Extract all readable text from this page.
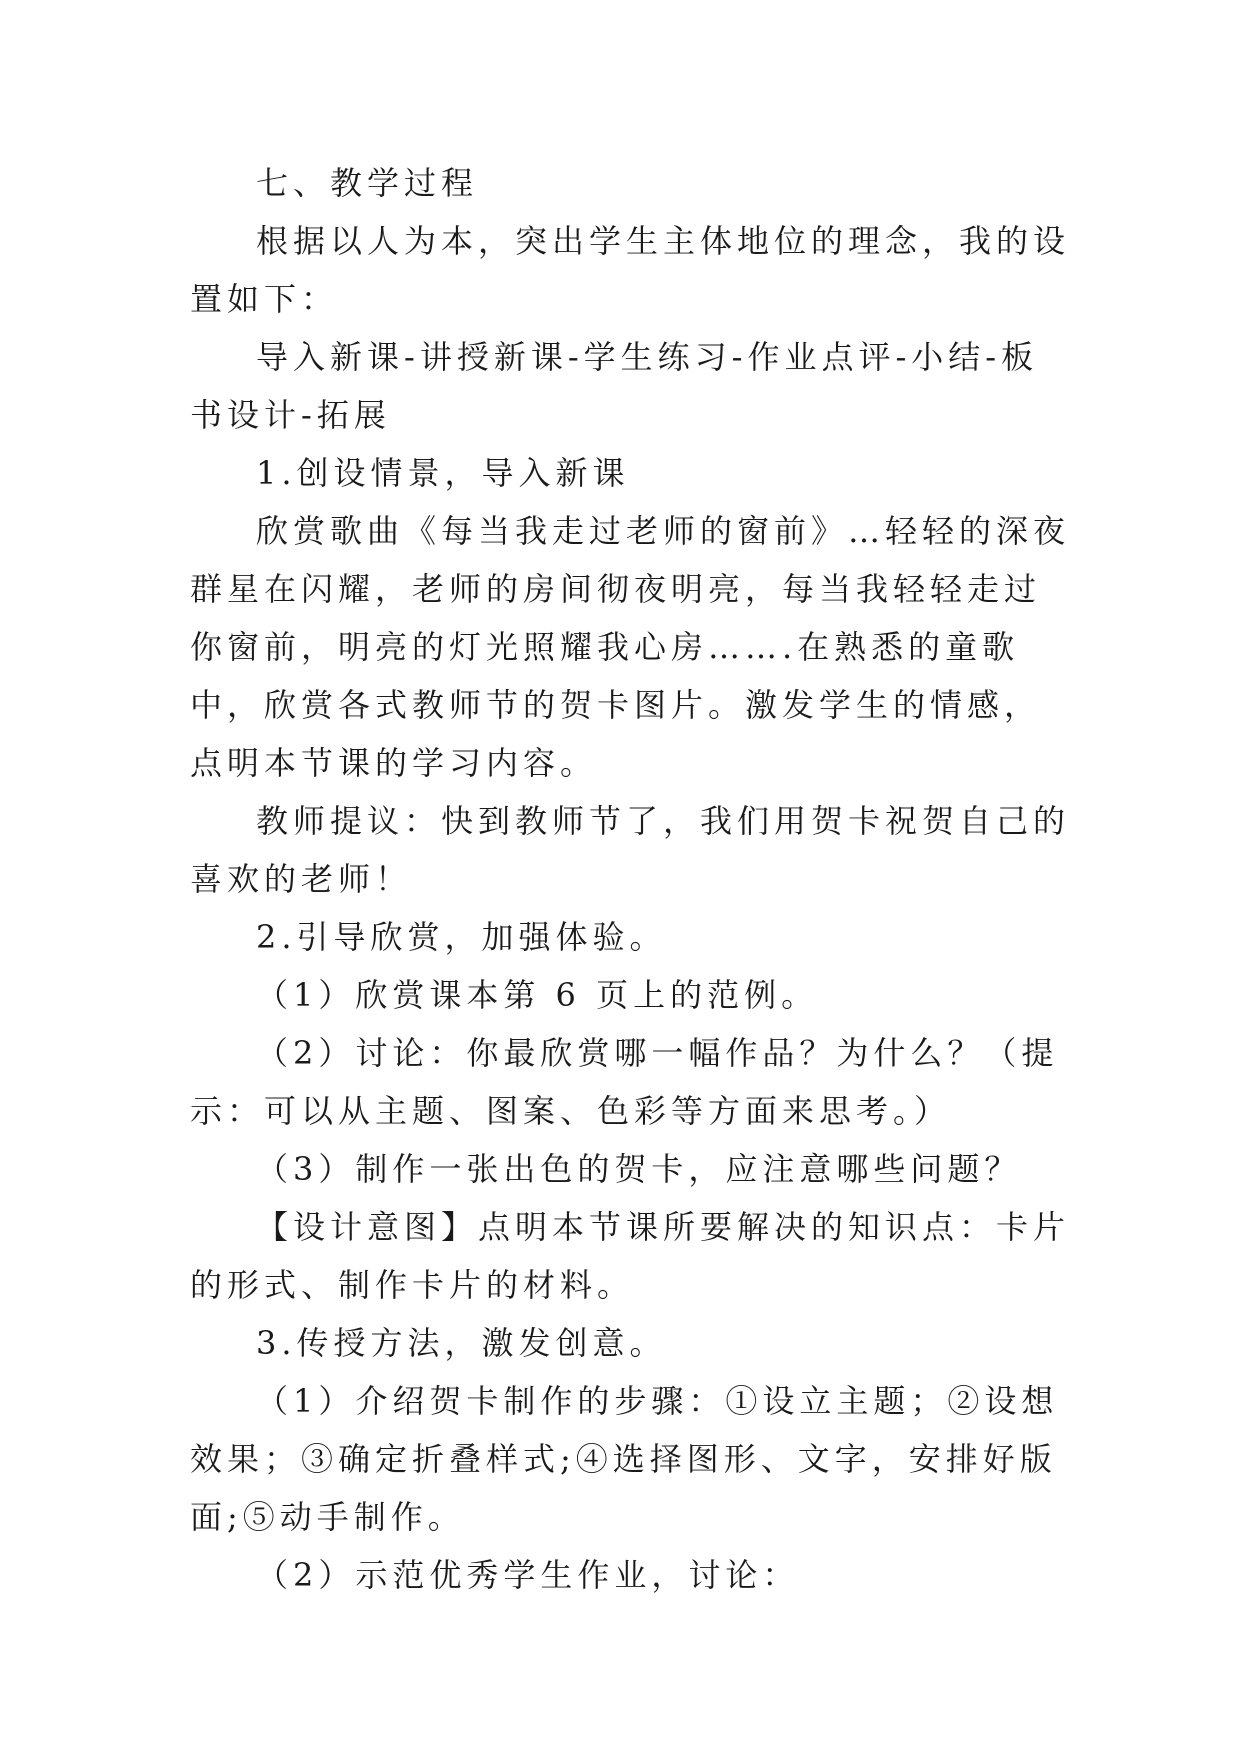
七、教学过程

根据以人为本，突出学生主体地位的理念，我的设置如下：

导入新课-讲授新课-学生练习-作业点评-小结-板书设计-拓展

1.创设情景，导入新课

欣赏歌曲《每当我走过老师的窗前》…轻轻的深夜群星在闪耀，老师的房间彻夜明亮，每当我轻轻走过你窗前，明亮的灯光照耀我心房…….在熟悉的童歌中，欣赏各式教师节的贺卡图片。激发学生的情感，点明本节课的学习内容。

教师提议：快到教师节了，我们用贺卡祝贺自己的喜欢的老师！

2.引导欣赏，加强体验。

（1）欣赏课本第 6 页上的范例。

（2）讨论：你最欣赏哪一幅作品？为什么？（提示：可以从主题、图案、色彩等方面来思考。）

（3）制作一张出色的贺卡，应注意哪些问题？

【设计意图】点明本节课所要解决的知识点：卡片的形式、制作卡片的材料。

3.传授方法，激发创意。

（1）介绍贺卡制作的步骤：①设立主题；②设想效果；③确定折叠样式;④选择图形、文字，安排好版面;⑤动手制作。

（2）示范优秀学生作业，讨论：
